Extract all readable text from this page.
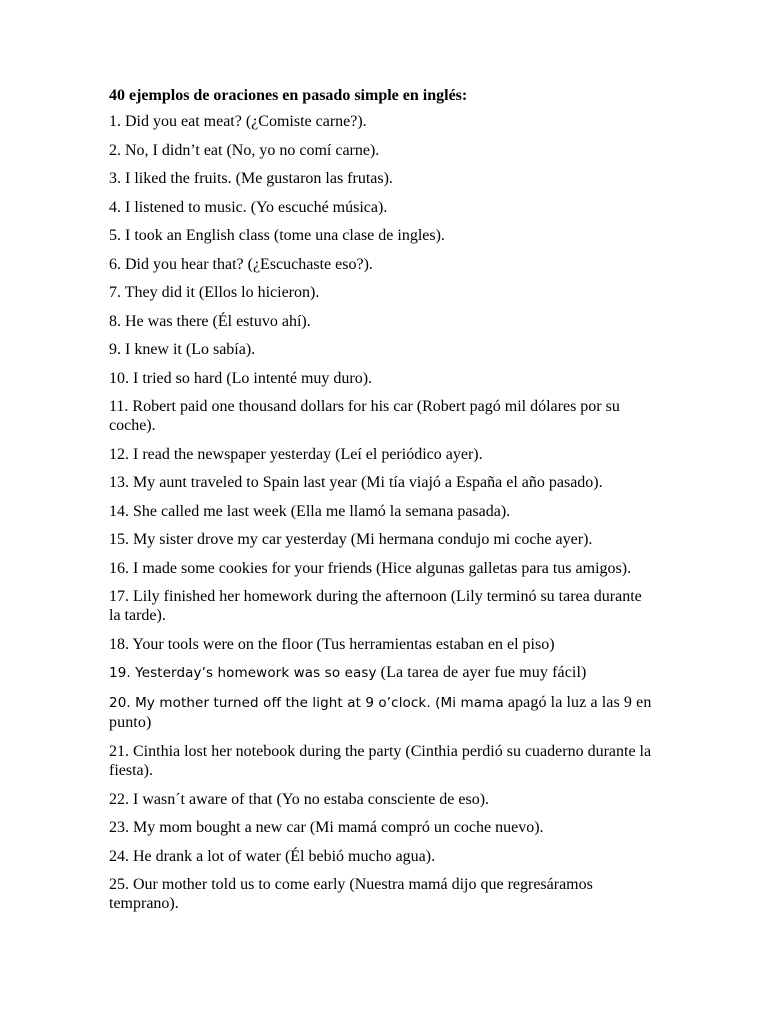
40 ejemplos de oraciones en pasado simple en inglés:
1. Did you eat meat? (¿Comiste carne?).
2. No, I didn’t eat (No, yo no comí carne).
3. I liked the fruits. (Me gustaron las frutas).
4. I listened to music. (Yo escuché música).
5. I took an English class (tome una clase de ingles).
6. Did you hear that? (¿Escuchaste eso?).
7. They did it (Ellos lo hicieron).
8. He was there (Él estuvo ahí).
9. I knew it (Lo sabía).
10. I tried so hard (Lo intenté muy duro).
11. Robert paid one thousand dollars for his car (Robert pagó mil dólares por su coche).
12. I read the newspaper yesterday (Leí el periódico ayer).
13. My aunt traveled to Spain last year (Mi tía viajó a España el año pasado).
14. She called me last week (Ella me llamó la semana pasada).
15. My sister drove my car yesterday (Mi hermana condujo mi coche ayer).
16. I made some cookies for your friends (Hice algunas galletas para tus amigos).
17. Lily finished her homework during the afternoon (Lily terminó su tarea durante la tarde).
18. Your tools were on the floor (Tus herramientas estaban en el piso)
19. Yesterday’s homework was so easy (La tarea de ayer fue muy fácil)
20. My mother turned off the light at 9 o’clock. (Mi mama apagó la luz a las 9 en punto)
21. Cinthia lost her notebook during the party (Cinthia perdió su cuaderno durante la fiesta).
22. I wasn´t aware of that (Yo no estaba consciente de eso).
23. My mom bought a new car (Mi mamá compró un coche nuevo).
24. He drank a lot of water (Él bebió mucho agua).
25. Our mother told us to come early (Nuestra mamá dijo que regresáramos temprano).
